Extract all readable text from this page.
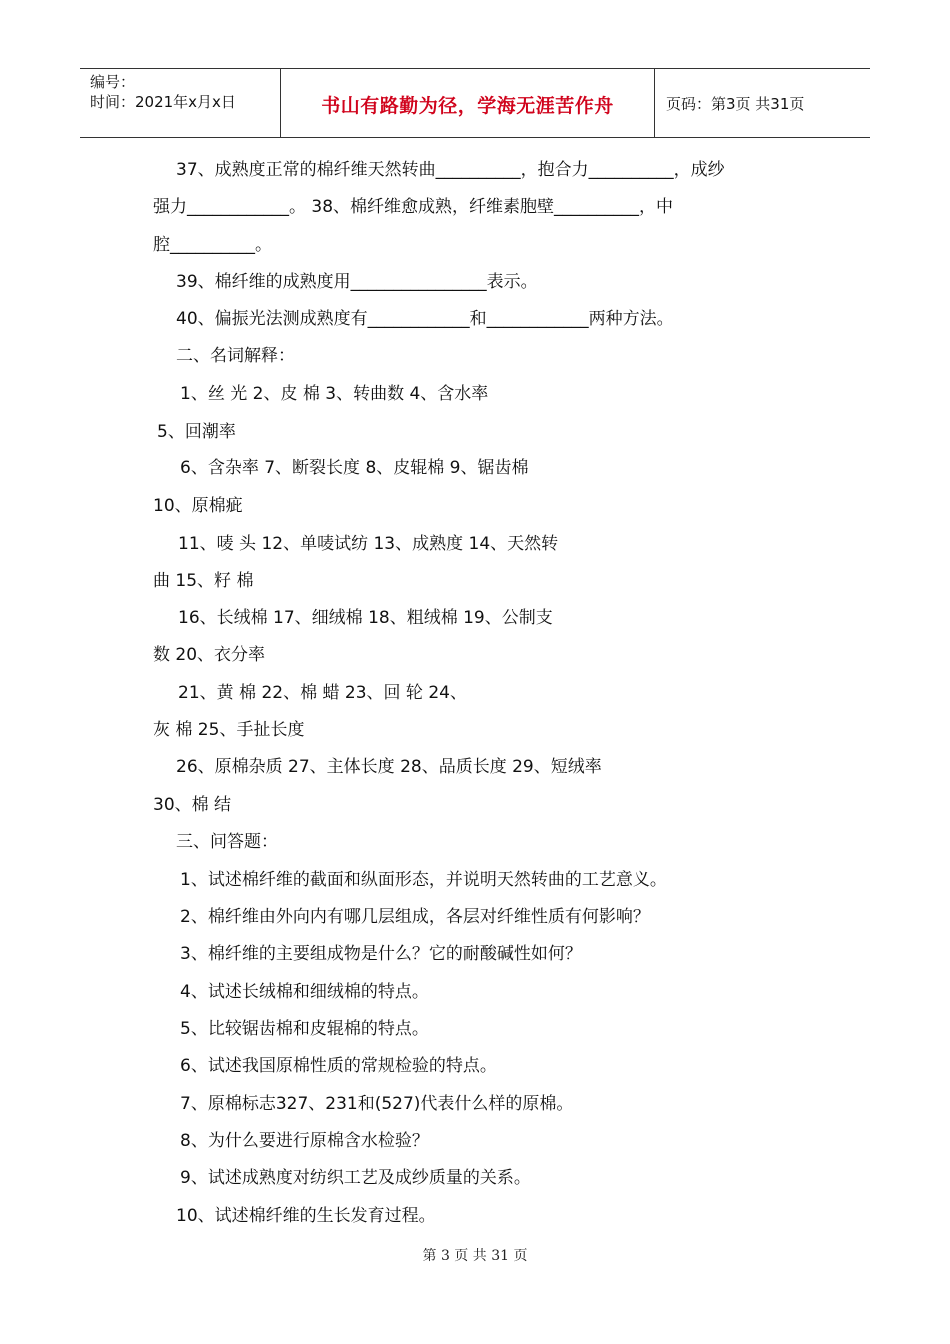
编号：
时间：2021年x月x日	书山有路勤为径，学海无涯苦作舟	页码：第3页 共31页
37、成熟度正常的棉纤维天然转曲__________，抱合力__________，成纱
强力____________。 38、棉纤维愈成熟，纤维素胞壁__________，中
腔__________。
39、棉纤维的成熟度用________________表示。
40、偏振光法测成熟度有____________和____________两种方法。
二、名词解释：
1、丝 光 2、皮 棉 3、转曲数 4、含水率
5、回潮率
6、含杂率 7、断裂长度 8、皮辊棉 9、锯齿棉
10、原棉疵
11、唛 头 12、单唛试纺 13、成熟度 14、天然转
曲 15、籽 棉
16、长绒棉 17、细绒棉 18、粗绒棉 19、公制支
数 20、衣分率
21、黄 棉 22、棉 蜡 23、回 轮 24、
灰 棉 25、手扯长度
26、原棉杂质 27、主体长度 28、品质长度 29、短绒率
30、棉 结
三、问答题：
1、试述棉纤维的截面和纵面形态，并说明天然转曲的工艺意义。
2、棉纤维由外向内有哪几层组成，各层对纤维性质有何影响？
3、棉纤维的主要组成物是什么？它的耐酸碱性如何？
4、试述长绒棉和细绒棉的特点。
5、比较锯齿棉和皮辊棉的特点。
6、试述我国原棉性质的常规检验的特点。
7、原棉标志327、231和(527)代表什么样的原棉。
8、为什么要进行原棉含水检验？
9、试述成熟度对纺织工艺及成纱质量的关系。
10、试述棉纤维的生长发育过程。
第 3 页 共 31 页
